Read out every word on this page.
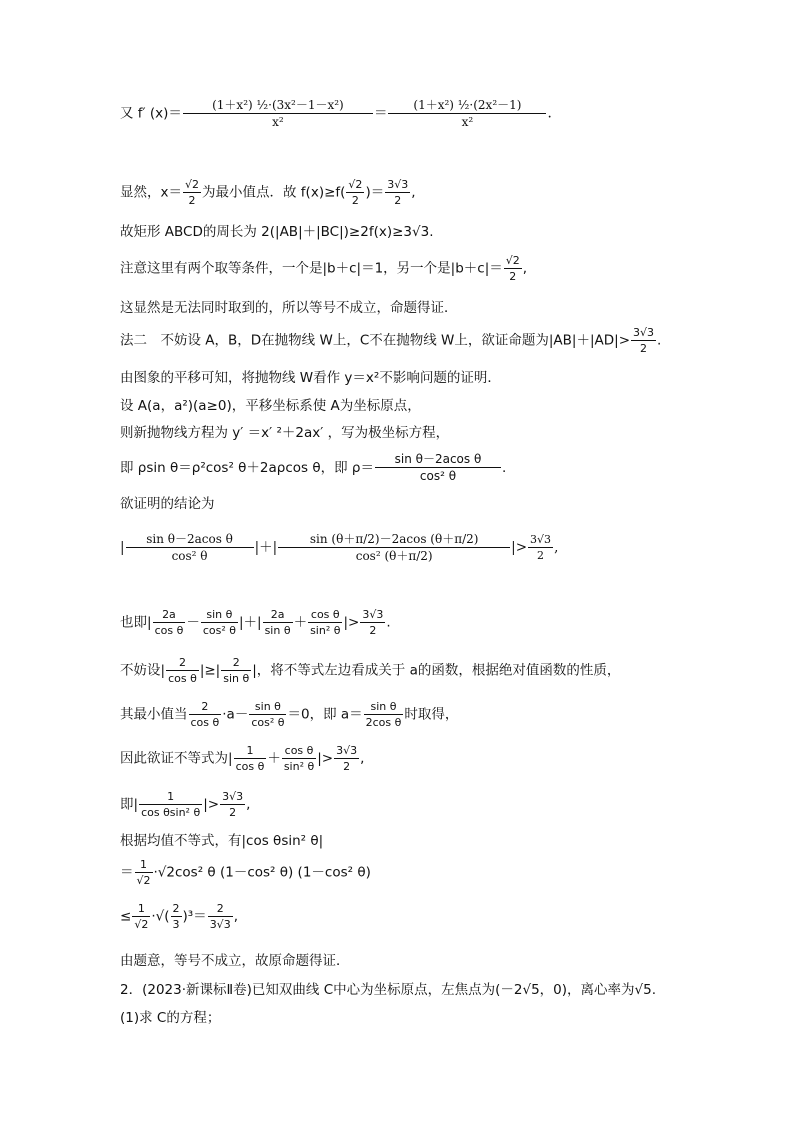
又 f′ $(x)= \frac{\text{(1＋x²) ½·(3x²－1－x²)}}{\text{x²}} = \frac{\text{(1＋x²) ½·(2x²－1)}}{\text{x²}}$ .
显然，$x= \frac{√2}{2}$ 为最小值点．故 $f(x)\ge f( \frac{√2}{2}$ )＝ $\frac{3√3}{2}$ ,
故矩形 ABCD的周长为 2(|AB|＋|BC|)≥2f(x)≥3√3.
注意这里有两个取等条件，一个是|b＋c|＝1，另一个是$|b+c|= \frac{√2}{2}$ ,
这显然是无法同时取到的，所以等号不成立，命题得证．
法二　不妨设 A，B，D在抛物线 W上，C不在抛物线 W上，欲证命题为$|AB|+|AD|> \frac{3√3}{2}$ .
由图象的平移可知，将抛物线 W看作 y＝x²不影响问题的证明．
设 A(a，a²)(a≥0)，平移坐标系使 A为坐标原点，
则新抛物线方程为 y′ ＝x′ ²＋2ax′ ，写为极坐标方程，
即 ρsin θ＝ρ²cos² θ＋2aρcos θ，即 $\rho= \frac{\text{sin θ－2acos θ}}{\text{cos² θ}}$ .
欲证明的结论为
| $\frac{\text{sin θ－2acos θ}}{\text{cos² θ}}$ |＋| $\frac{\sin (\theta+\pi/2)-2acos (\theta+\pi/2)}{\text{cos² (θ＋π/2)}}$ |> $\frac{3√3}{2}$ ,
也即| $\frac{2a}{\text{cos θ}} - \frac{\text{sin θ}}{\text{cos² θ}}$ |＋| $\frac{2a}{\text{sin θ}} + \frac{\text{cos θ}}{\text{sin² θ}}$ |> $\frac{3√3}{2}$ .
不妨设| $\frac{2}{\text{cos θ}}$ |≥| $\frac{2}{\text{sin θ}}$ |，将不等式左边看成关于 a的函数，根据绝对值函数的性质，
其最小值当 $\frac{2}{\text{cos θ}} \cdot a- \frac{\text{sin θ}}{\text{cos² θ}} =0$，即 $a= \frac{\text{sin θ}}{\text{2cos θ}}$ 时取得，
因此欲证不等式为| $\frac{1}{\text{cos θ}} + \frac{\text{cos θ}}{\text{sin² θ}}$ |> $\frac{3√3}{2}$ ,
即| $\frac{1}{\text{cos θsin² θ}}$ |> $\frac{3√3}{2}$ ,
根据均值不等式，有|cos θsin² θ|
＝ $\frac{1}{√2} \cdot√2\cos^2$ θ (1－cos² θ) (1－cos² θ)
≤ $\frac{1}{√2}$ ·√( $\frac{2}{3} )^3= \frac{2}{3√3}$ ,
由题意，等号不成立，故原命题得证．
2．(2023·新课标Ⅱ卷)已知双曲线 C中心为坐标原点，左焦点为(－2√5，0)，离心率为√5.
(1)求 C的方程；
